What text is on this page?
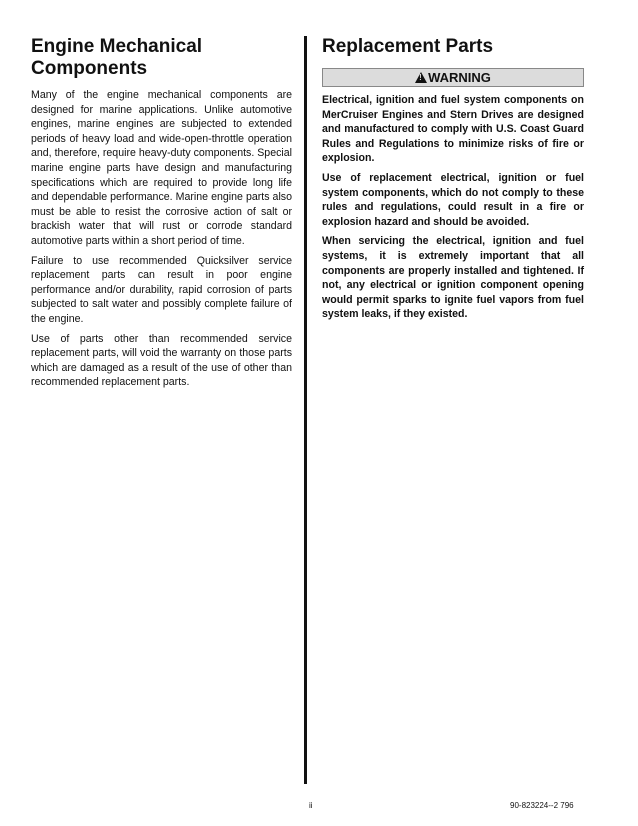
Engine Mechanical Components

Many of the engine mechanical components are designed for marine applications. Unlike automotive engines, marine engines are subjected to extended periods of heavy load and wide-open-throttle operation and, therefore, require heavy-duty components. Special marine engine parts have design and manufacturing specifications which are required to provide long life and dependable performance. Marine engine parts also must be able to resist the corrosive action of salt or brackish water that will rust or corrode standard automotive parts within a short period of time.

Failure to use recommended Quicksilver service replacement parts can result in poor engine performance and/or durability, rapid corrosion of parts subjected to salt water and possibly complete failure of the engine.

Use of parts other than recommended service replacement parts, will void the warranty on those parts which are damaged as a result of the use of other than recommended replacement parts.

Replacement Parts
!WARNING

Electrical, ignition and fuel system components on MerCruiser Engines and Stern Drives are designed and manufactured to comply with U.S. Coast Guard Rules and Regulations to minimize risks of fire or explosion.

Use of replacement electrical, ignition or fuel system components, which do not comply to these rules and regulations, could result in a fire or explosion hazard and should be avoided.

When servicing the electrical, ignition and fuel systems, it is extremely important that all components are properly installed and tightened. If not, any electrical or ignition component opening would permit sparks to ignite fuel vapors from fuel system leaks, if they existed.

ii	90-823224--2 796
